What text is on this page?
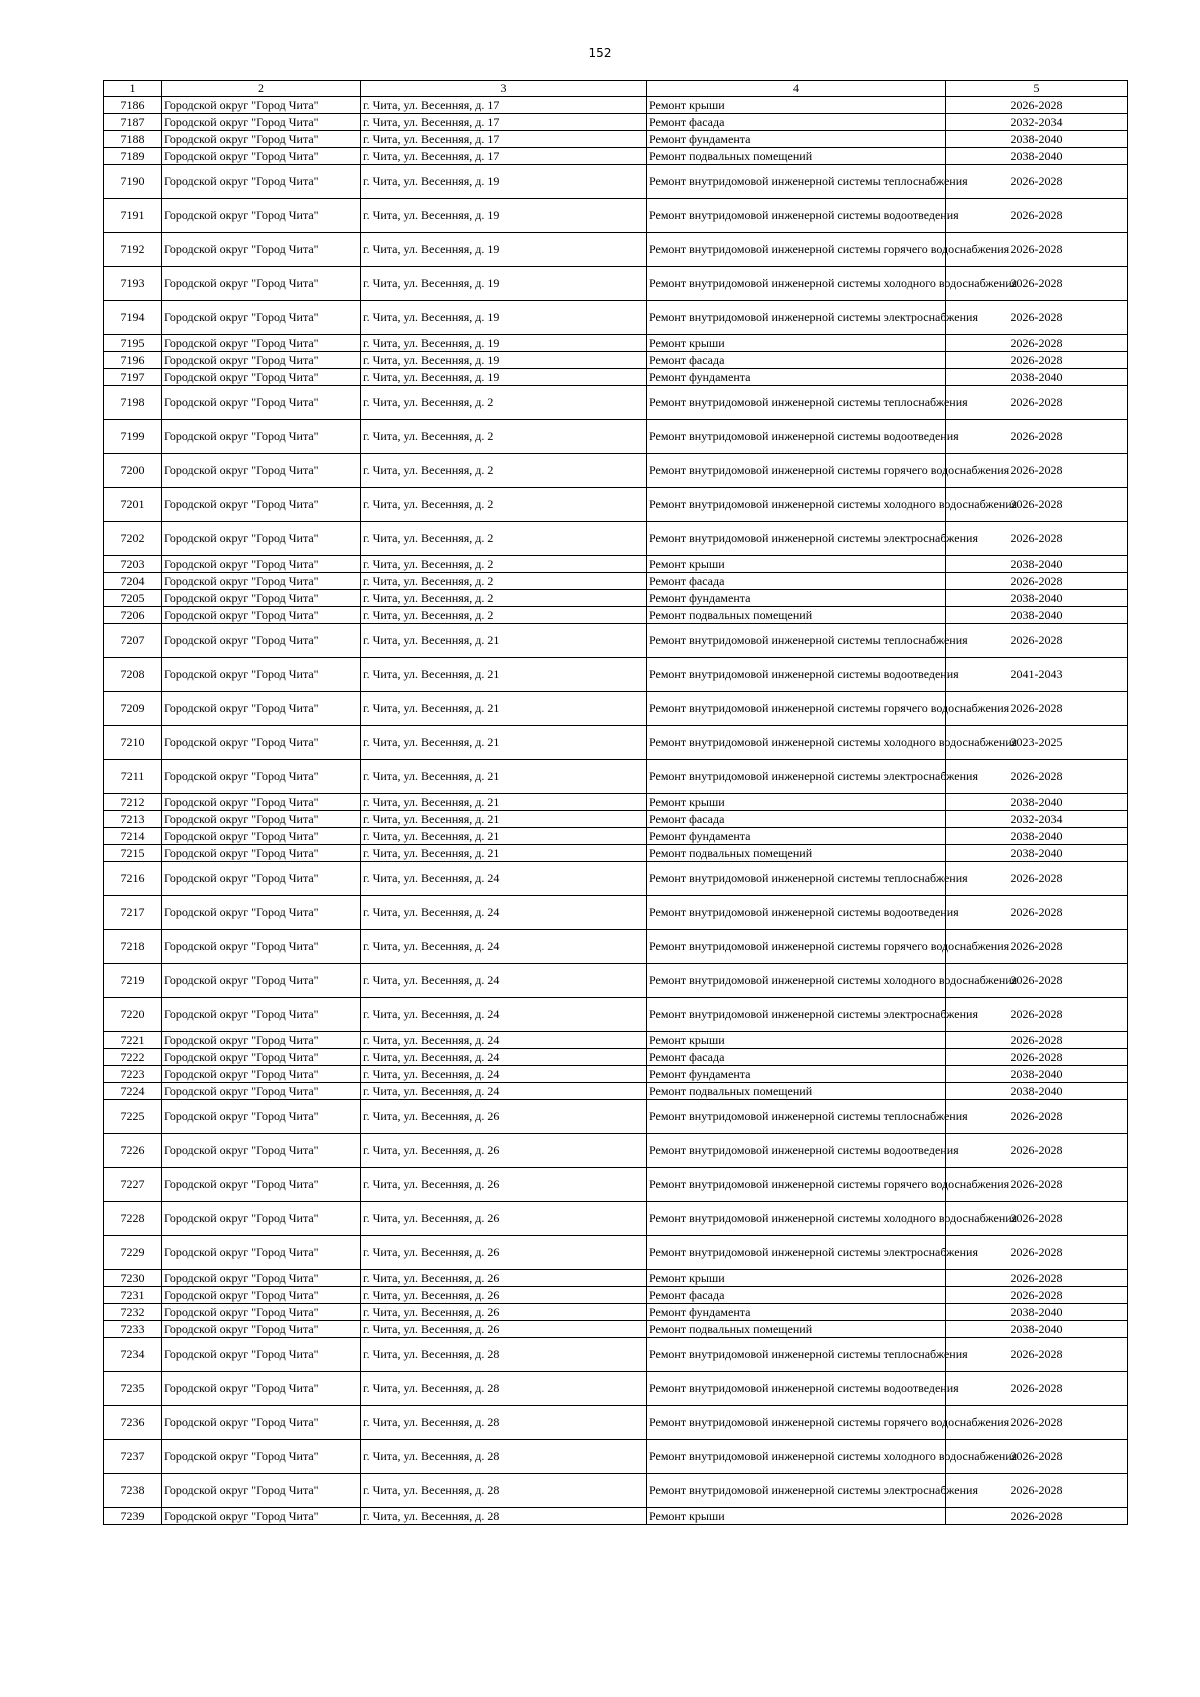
152
1	2	3	4	5
7186	Городской округ "Город Чита"	г. Чита, ул. Весенняя, д. 17	Ремонт крыши	2026-2028
7187	Городской округ "Город Чита"	г. Чита, ул. Весенняя, д. 17	Ремонт фасада	2032-2034
7188	Городской округ "Город Чита"	г. Чита, ул. Весенняя, д. 17	Ремонт фундамента	2038-2040
7189	Городской округ "Город Чита"	г. Чита, ул. Весенняя, д. 17	Ремонт подвальных помещений	2038-2040
7190	Городской округ "Город Чита"	г. Чита, ул. Весенняя, д. 19	Ремонт внутридомовой инженерной системы теплоснабжения	2026-2028
7191	Городской округ "Город Чита"	г. Чита, ул. Весенняя, д. 19	Ремонт внутридомовой инженерной системы водоотведения	2026-2028
7192	Городской округ "Город Чита"	г. Чита, ул. Весенняя, д. 19	Ремонт внутридомовой инженерной системы горячего водоснабжения	2026-2028
7193	Городской округ "Город Чита"	г. Чита, ул. Весенняя, д. 19	Ремонт внутридомовой инженерной системы холодного водоснабжения	2026-2028
7194	Городской округ "Город Чита"	г. Чита, ул. Весенняя, д. 19	Ремонт внутридомовой инженерной системы электроснабжения	2026-2028
7195	Городской округ "Город Чита"	г. Чита, ул. Весенняя, д. 19	Ремонт крыши	2026-2028
7196	Городской округ "Город Чита"	г. Чита, ул. Весенняя, д. 19	Ремонт фасада	2026-2028
7197	Городской округ "Город Чита"	г. Чита, ул. Весенняя, д. 19	Ремонт фундамента	2038-2040
7198	Городской округ "Город Чита"	г. Чита, ул. Весенняя, д. 2	Ремонт внутридомовой инженерной системы теплоснабжения	2026-2028
7199	Городской округ "Город Чита"	г. Чита, ул. Весенняя, д. 2	Ремонт внутридомовой инженерной системы водоотведения	2026-2028
7200	Городской округ "Город Чита"	г. Чита, ул. Весенняя, д. 2	Ремонт внутридомовой инженерной системы горячего водоснабжения	2026-2028
7201	Городской округ "Город Чита"	г. Чита, ул. Весенняя, д. 2	Ремонт внутридомовой инженерной системы холодного водоснабжения	2026-2028
7202	Городской округ "Город Чита"	г. Чита, ул. Весенняя, д. 2	Ремонт внутридомовой инженерной системы электроснабжения	2026-2028
7203	Городской округ "Город Чита"	г. Чита, ул. Весенняя, д. 2	Ремонт крыши	2038-2040
7204	Городской округ "Город Чита"	г. Чита, ул. Весенняя, д. 2	Ремонт фасада	2026-2028
7205	Городской округ "Город Чита"	г. Чита, ул. Весенняя, д. 2	Ремонт фундамента	2038-2040
7206	Городской округ "Город Чита"	г. Чита, ул. Весенняя, д. 2	Ремонт подвальных помещений	2038-2040
7207	Городской округ "Город Чита"	г. Чита, ул. Весенняя, д. 21	Ремонт внутридомовой инженерной системы теплоснабжения	2026-2028
7208	Городской округ "Город Чита"	г. Чита, ул. Весенняя, д. 21	Ремонт внутридомовой инженерной системы водоотведения	2041-2043
7209	Городской округ "Город Чита"	г. Чита, ул. Весенняя, д. 21	Ремонт внутридомовой инженерной системы горячего водоснабжения	2026-2028
7210	Городской округ "Город Чита"	г. Чита, ул. Весенняя, д. 21	Ремонт внутридомовой инженерной системы холодного водоснабжения	2023-2025
7211	Городской округ "Город Чита"	г. Чита, ул. Весенняя, д. 21	Ремонт внутридомовой инженерной системы электроснабжения	2026-2028
7212	Городской округ "Город Чита"	г. Чита, ул. Весенняя, д. 21	Ремонт крыши	2038-2040
7213	Городской округ "Город Чита"	г. Чита, ул. Весенняя, д. 21	Ремонт фасада	2032-2034
7214	Городской округ "Город Чита"	г. Чита, ул. Весенняя, д. 21	Ремонт фундамента	2038-2040
7215	Городской округ "Город Чита"	г. Чита, ул. Весенняя, д. 21	Ремонт подвальных помещений	2038-2040
7216	Городской округ "Город Чита"	г. Чита, ул. Весенняя, д. 24	Ремонт внутридомовой инженерной системы теплоснабжения	2026-2028
7217	Городской округ "Город Чита"	г. Чита, ул. Весенняя, д. 24	Ремонт внутридомовой инженерной системы водоотведения	2026-2028
7218	Городской округ "Город Чита"	г. Чита, ул. Весенняя, д. 24	Ремонт внутридомовой инженерной системы горячего водоснабжения	2026-2028
7219	Городской округ "Город Чита"	г. Чита, ул. Весенняя, д. 24	Ремонт внутридомовой инженерной системы холодного водоснабжения	2026-2028
7220	Городской округ "Город Чита"	г. Чита, ул. Весенняя, д. 24	Ремонт внутридомовой инженерной системы электроснабжения	2026-2028
7221	Городской округ "Город Чита"	г. Чита, ул. Весенняя, д. 24	Ремонт крыши	2026-2028
7222	Городской округ "Город Чита"	г. Чита, ул. Весенняя, д. 24	Ремонт фасада	2026-2028
7223	Городской округ "Город Чита"	г. Чита, ул. Весенняя, д. 24	Ремонт фундамента	2038-2040
7224	Городской округ "Город Чита"	г. Чита, ул. Весенняя, д. 24	Ремонт подвальных помещений	2038-2040
7225	Городской округ "Город Чита"	г. Чита, ул. Весенняя, д. 26	Ремонт внутридомовой инженерной системы теплоснабжения	2026-2028
7226	Городской округ "Город Чита"	г. Чита, ул. Весенняя, д. 26	Ремонт внутридомовой инженерной системы водоотведения	2026-2028
7227	Городской округ "Город Чита"	г. Чита, ул. Весенняя, д. 26	Ремонт внутридомовой инженерной системы горячего водоснабжения	2026-2028
7228	Городской округ "Город Чита"	г. Чита, ул. Весенняя, д. 26	Ремонт внутридомовой инженерной системы холодного водоснабжения	2026-2028
7229	Городской округ "Город Чита"	г. Чита, ул. Весенняя, д. 26	Ремонт внутридомовой инженерной системы электроснабжения	2026-2028
7230	Городской округ "Город Чита"	г. Чита, ул. Весенняя, д. 26	Ремонт крыши	2026-2028
7231	Городской округ "Город Чита"	г. Чита, ул. Весенняя, д. 26	Ремонт фасада	2026-2028
7232	Городской округ "Город Чита"	г. Чита, ул. Весенняя, д. 26	Ремонт фундамента	2038-2040
7233	Городской округ "Город Чита"	г. Чита, ул. Весенняя, д. 26	Ремонт подвальных помещений	2038-2040
7234	Городской округ "Город Чита"	г. Чита, ул. Весенняя, д. 28	Ремонт внутридомовой инженерной системы теплоснабжения	2026-2028
7235	Городской округ "Город Чита"	г. Чита, ул. Весенняя, д. 28	Ремонт внутридомовой инженерной системы водоотведения	2026-2028
7236	Городской округ "Город Чита"	г. Чита, ул. Весенняя, д. 28	Ремонт внутридомовой инженерной системы горячего водоснабжения	2026-2028
7237	Городской округ "Город Чита"	г. Чита, ул. Весенняя, д. 28	Ремонт внутридомовой инженерной системы холодного водоснабжения	2026-2028
7238	Городской округ "Город Чита"	г. Чита, ул. Весенняя, д. 28	Ремонт внутридомовой инженерной системы электроснабжения	2026-2028
7239	Городской округ "Город Чита"	г. Чита, ул. Весенняя, д. 28	Ремонт крыши	2026-2028
